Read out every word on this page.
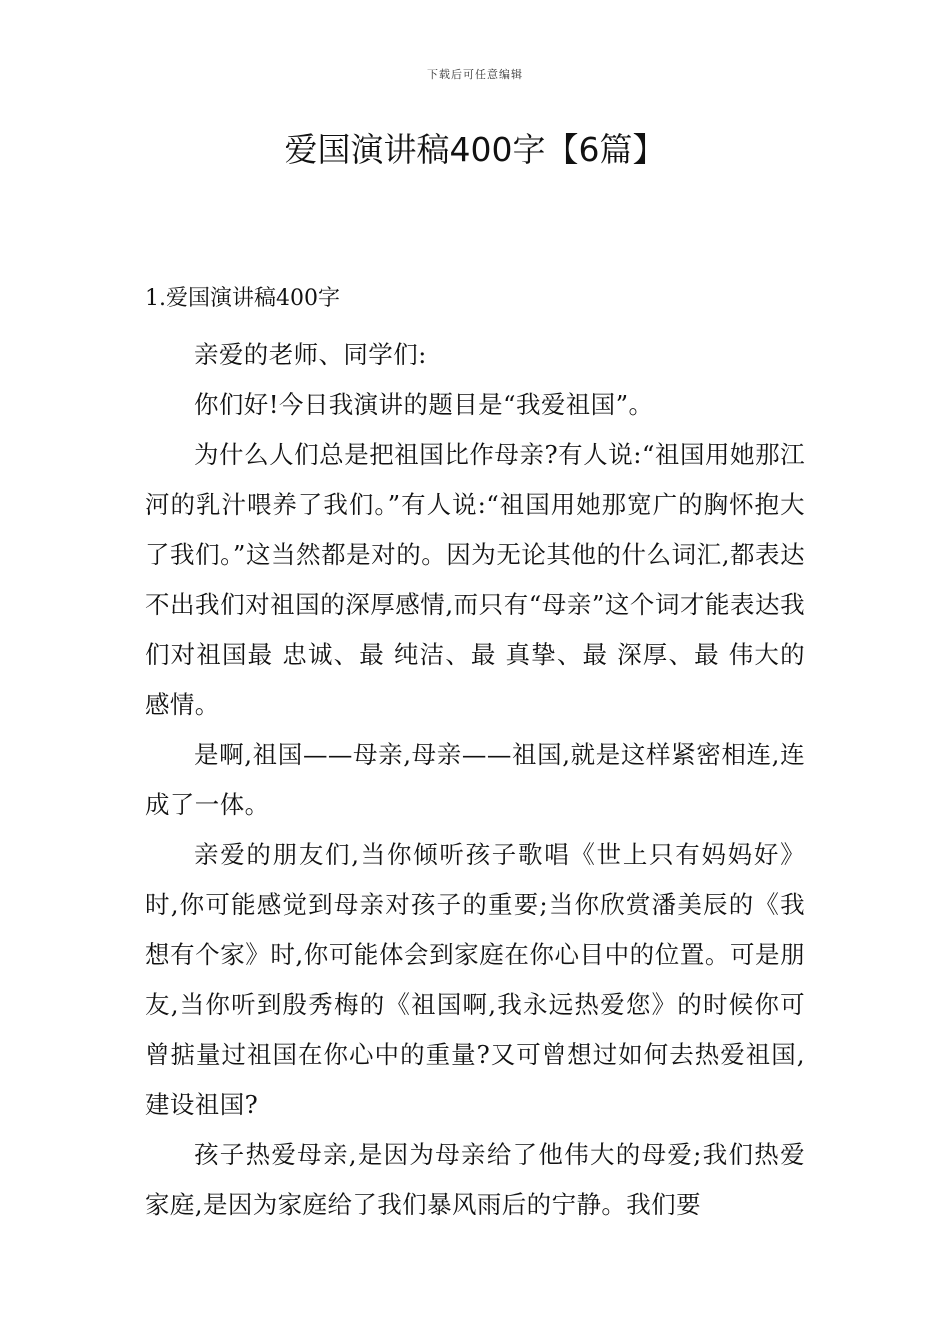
下载后可任意编辑
爱国演讲稿400字【6篇】
1.爱国演讲稿400字

亲爱的老师、同学们:

你们好!今日我演讲的题目是“我爱祖国”。

为什么人们总是把祖国比作母亲?有人说:“祖国用她那江河的乳汁喂养了我们。”有人说:“祖国用她那宽广的胸怀抱大了我们。”这当然都是对的。因为无论其他的什么词汇,都表达不出我们对祖国的深厚感情,而只有“母亲”这个词才能表达我们对祖国最 忠诚、最 纯洁、最 真挚、最 深厚、最 伟大的感情。

是啊,祖国——母亲,母亲——祖国,就是这样紧密相连,连成了一体。

亲爱的朋友们,当你倾听孩子歌唱《世上只有妈妈好》时,你可能感觉到母亲对孩子的重要;当你欣赏潘美辰的《我想有个家》时,你可能体会到家庭在你心目中的位置。可是朋友,当你听到殷秀梅的《祖国啊,我永远热爱您》的时候你可曾掂量过祖国在你心中的重量?又可曾想过如何去热爱祖国,建设祖国?

孩子热爱母亲,是因为母亲给了他伟大的母爱;我们热爱家庭,是因为家庭给了我们暴风雨后的宁静。我们要
